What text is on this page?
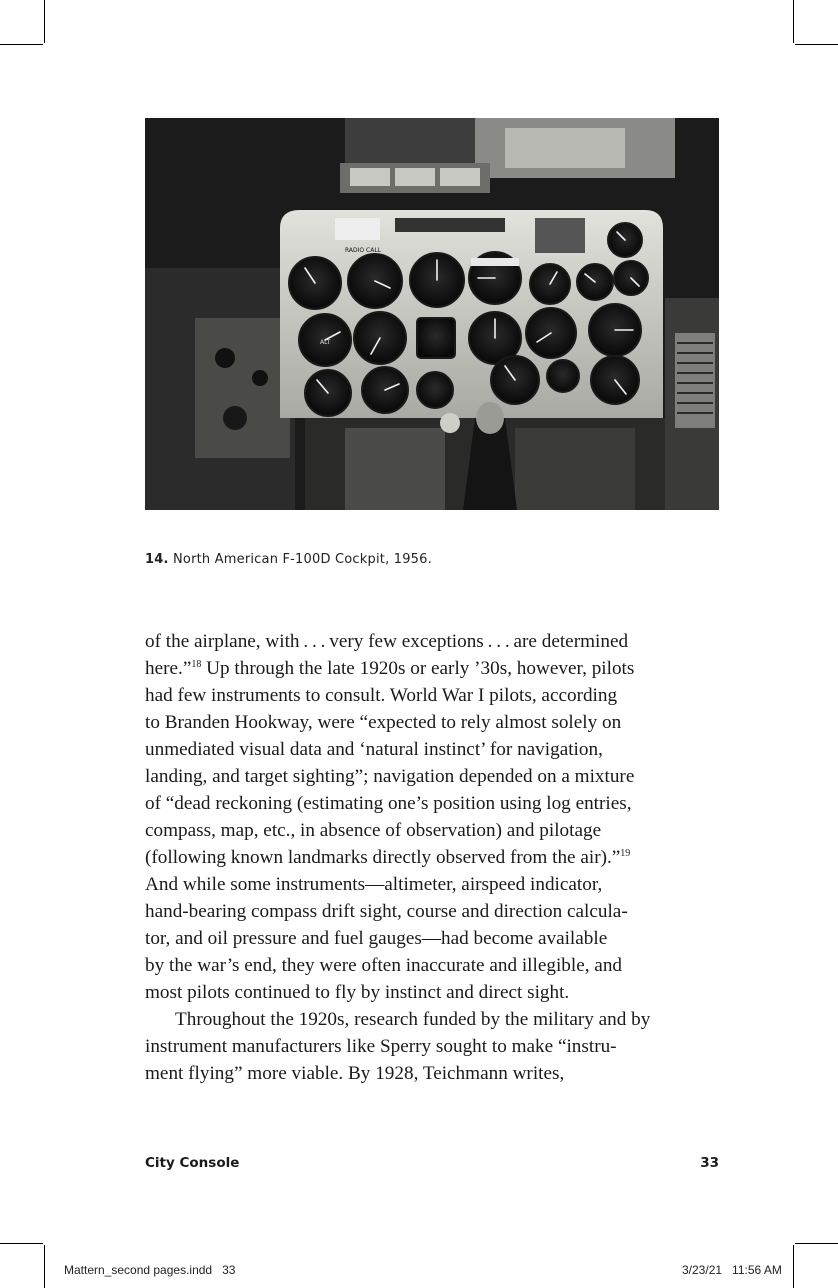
RADIO CALL
ALT
14. North American F-100D Cockpit, 1956.
of the airplane, with . . . very few exceptions . . . are determined
here.”$^{18}$ Up through the late 1920s or early ’30s, however, pilots
had few instruments to consult. World War I pilots, according
to Branden Hookway, were “expected to rely almost solely on
unmediated visual data and ‘natural instinct’ for navigation,
landing, and target sighting”; navigation depended on a mixture
of “dead reckoning (estimating one’s position using log entries,
compass, map, etc., in absence of observation) and pilotage
(following known landmarks directly observed from the air).”$^{19}$
And while some instruments—altimeter, airspeed indicator,
hand-bearing compass drift sight, course and direction calcula-
tor, and oil pressure and fuel gauges—had become available
by the war’s end, they were often inaccurate and illegible, and
most pilots continued to fly by instinct and direct sight.
Throughout the 1920s, research funded by the military and by
instrument manufacturers like Sperry sought to make “instru-
ment flying” more viable. By 1928, Teichmann writes,
City Console	33
Mattern_second pages.indd   33	3/23/21   11:56 AM
